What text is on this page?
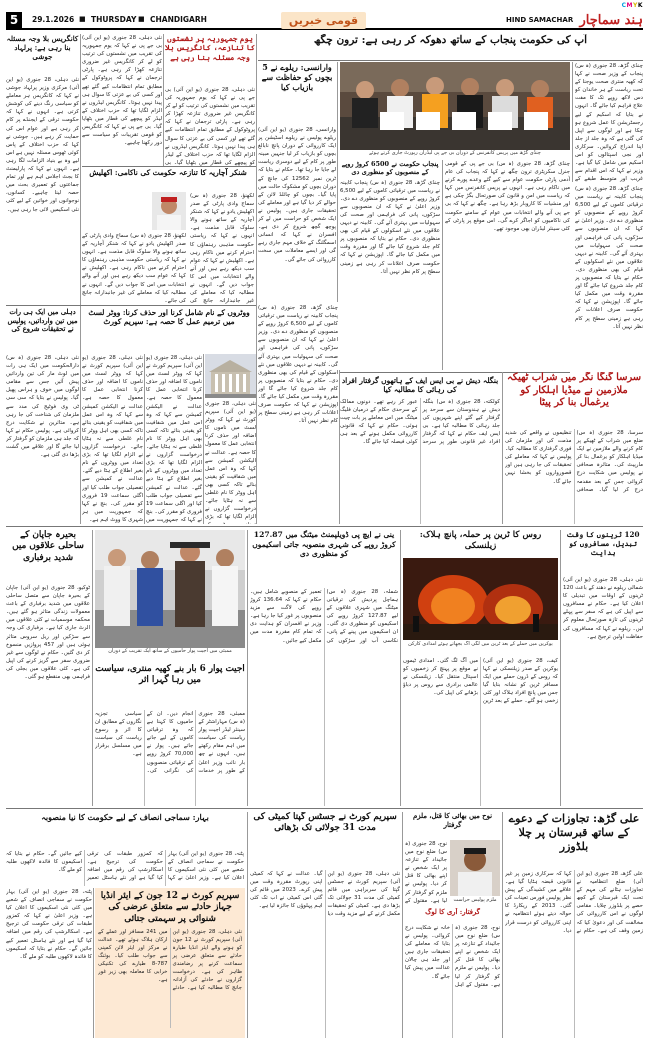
CMYK
5	29.1.2026 ■ THURSDAY ■ CHANDIGARH	قومی خبریں	HIND SAMACHAR ہند سماچار
آپ کی حکومت پنجاب کے ساتھ دھوکہ کر رہی ہے: ترون چگھ
چنڈی گڑھ، 28 جنوری (ہ س) پنجاب کے وزیر صحت نے کہا کہ کھیہ منتری صحت یوجنا کے تحت ریاست کے ہر خاندان کو دس لاکھ روپے تک کا مفت علاج فراہم کیا جائے گا۔ انہوں نے بتایا کہ اسکیم کے لیے رجسٹریشن کا عمل شروع ہو چکا ہے اور لوگوں سے اپیل کی گئی ہے کہ وہ جلد از جلد اپنا اندراج کروائیں۔ سرکاری اور نجی اسپتالوں کو اس اسکیم میں شامل کیا گیا ہے۔ وزیر نے کہا کہ اس اقدام سے غریب اور متوسط طبقے کے
چنڈی گڑھ میں پریس کانفرنس کے دوران بی جے پی لیڈران رپورٹ جاری کرتے ہوئے
چنڈی گڑھ، 28 جنوری (ہ س) بی جے پی کے قومی جنرل سکریٹری ترون چگھ نے کہا کہ پنجاب کی عام آدمی پارٹی حکومت عوام سے کیے گئے وعدے پورے کرنے میں ناکام رہی ہے۔ انہوں نے پریس کانفرنس میں کہا کہ ریاست میں امن و قانون کی صورتحال بگڑ چکی ہے اور منشیات کا کاروبار بڑھ رہا ہے۔ چگھ نے کہا کہ بی جے پی آنے والے انتخابات میں عوام کے سامنے حکومت کی ناکامیوں کو اجاگر کرے گی۔ اس موقع پر پارٹی کے کئی سینئر لیڈران بھی موجود تھے۔
چنڈی گڑھ، 28 جنوری (ہ س) پنجاب کابینہ نے ریاست میں ترقیاتی کاموں کے لیے 6,500 کروڑ روپے کے منصوبوں کو منظوری دے دی۔ وزیر اعلیٰ نے کہا کہ ان منصوبوں سے سڑکوں، پانی کی فراہمی اور صحت کی سہولیات میں بہتری آئے گی۔ کابینہ نے دیہی علاقوں میں نئے اسکولوں کے قیام کی بھی منظوری دی۔ حکام نے بتایا کہ منصوبوں پر کام جلد شروع کیا جائے گا اور مقررہ وقت میں مکمل کیا جائے گا۔ اپوزیشن نے کہا کہ حکومت صرف اعلانات کر رہی ہے زمینی سطح پر کام نظر نہیں آتا۔
پنجاب حکومت نے 6500 کروڑ روپے کے منصوبوں کو منظوری دی
چنڈی گڑھ، 28 جنوری (ہ س) پنجاب کابینہ نے ریاست میں ترقیاتی کاموں کے لیے 6,500 کروڑ روپے کے منصوبوں کو منظوری دے دی۔ وزیر اعلیٰ نے کہا کہ ان منصوبوں سے سڑکوں، پانی کی فراہمی اور صحت کی سہولیات میں بہتری آئے گی۔ کابینہ نے دیہی علاقوں میں نئے اسکولوں کے قیام کی بھی منظوری دی۔ حکام نے بتایا کہ منصوبوں پر کام جلد شروع کیا جائے گا اور مقررہ وقت میں مکمل کیا جائے گا۔ اپوزیشن نے کہا کہ حکومت صرف اعلانات کر رہی ہے زمینی سطح پر کام نظر نہیں آتا۔
وارانسی: ریلوے نے 5 بچوں کو حفاظت سے بازیاب کیا
وارانسی، 28 جنوری (یو این آئی) ریلوے پولیس نے ریلوے اسٹیشن پر ایک کارروائی کے دوران پانچ نابالغ بچوں کو بازیاب کر لیا جنہیں مبینہ طور پر کام کے لیے دوسری ریاست لے جایا جا رہا تھا۔ حکام نے بتایا کہ ٹرین نمبر 12562 کی جانچ کے دوران بچوں کو مشکوک حالت میں پایا گیا۔ بچوں کو چائلڈ لائن کے حوالے کر دیا گیا ہے اور معاملے کی تحقیقات جاری ہیں۔ پولیس نے ایک شخص کو حراست میں لے کر پوچھ گچھ شروع کر دی ہے۔ افسران نے کہا کہ انسانی اسمگلنگ کے خلاف مہم جاری رہے گی اور ایسے معاملات میں سخت کارروائی کی جائے گی۔
یوم جمہوریہ پر نشستوں کا تنازعہ، کانگریس بلا وجہ مسئلہ بنا رہی ہے
نئی دہلی، 28 جنوری (یو این آئی) بی جے پی نے کہا کہ یوم جمہوریہ کی تقریب میں نشستوں کی ترتیب کو لے کر کانگریس غیر ضروری تنازعہ کھڑا کر رہی ہے۔ پارٹی ترجمان نے کہا کہ پروٹوکول کے مطابق تمام انتظامات کیے گئے تھے اور کسی کی بے عزتی کا سوال ہی پیدا نہیں ہوتا۔ کانگریس لیڈروں نے الزام لگایا تھا کہ حزب اختلاف کے لیڈر کو پیچھے کی قطار میں بٹھایا گیا۔ بی
شنکر آچاریہ کا تنازعہ حکومت کی ناکامی: اکھلیش
لکھنؤ، 28 جنوری (ہ س) سماج وادی پارٹی کے صدر اکھلیش یادو نے کہا کہ شنکر آچاریہ کے ساتھ ہونے والا سلوک قابل مذمت ہے۔ انہوں نے کہا کہ ریاستی حکومت مذہبی رہنماؤں کا احترام کرنے میں ناکام رہی ہے۔ اکھلیش نے کہا کہ عوام سب دیکھ رہے ہیں اور آنے والے انتخابات میں اس کا جواب دیں گے۔ انہوں نے مطالبہ کیا کہ معاملے کی غیر جانبدارانہ جانچ کی
لکھنؤ، 28 جنوری (ہ س) سماج وادی پارٹی کے صدر اکھلیش یادو نے کہا کہ شنکر آچاریہ کے ساتھ ہونے والا سلوک قابل مذمت ہے۔ انہوں نے کہا کہ ریاستی حکومت مذہبی رہنماؤں کا احترام کرنے میں ناکام رہی ہے۔ اکھلیش نے کہا کہ عوام سب دیکھ رہے ہیں اور آنے والے انتخابات میں اس کا جواب دیں گے۔ انہوں نے مطالبہ کیا کہ معاملے کی غیر جانبدارانہ جانچ کی جائے۔
نئی دہلی، 28 جنوری (یو این آئی) بی جے پی نے کہا کہ یوم جمہوریہ کی تقریب میں نشستوں کی ترتیب کو لے کر کانگریس غیر ضروری تنازعہ کھڑا کر رہی ہے۔ پارٹی ترجمان نے کہا کہ پروٹوکول کے مطابق تمام انتظامات کیے گئے تھے اور کسی کی بے عزتی کا سوال ہی پیدا نہیں ہوتا۔ کانگریس لیڈروں نے الزام لگایا تھا کہ حزب اختلاف کے لیڈر کو پیچھے کی قطار میں بٹھایا گیا۔ بی جے پی نے کہا کہ کانگریس کو قومی تقریبات کو سیاست سے دور رکھنا چاہیے۔
کانگریس بلا وجہ مسئلہ بنا رہی ہے: پرلہاد جوشی
نئی دہلی، 28 جنوری (یو این آئی) مرکزی وزیر پرلہاد جوشی نے کہا کہ کانگریس ہر معاملے کو سیاسی رنگ دینے کی کوشش کرتی ہے۔ انہوں نے کہا کہ حکومت ترقی کے ایجنڈے پر کام کر رہی ہے اور عوام اس کی حمایت کر رہے ہیں۔ جوشی نے کہا کہ حزب اختلاف کے پاس کوئی ٹھوس مسئلہ نہیں ہے اس لیے وہ بے بنیاد الزامات لگا رہی ہے۔ انہوں نے کہا کہ پارلیمنٹ کا بجٹ اجلاس اہم ہے اور تمام جماعتوں کو تعمیری بحث میں حصہ لینا چاہیے۔ کسانوں، نوجوانوں اور خواتین کے لیے کئی نئی اسکیمیں لائی جا رہی ہیں۔
دہلی میں ایک ہی رات میں تین وارداتیں، پولیس نے تحقیقات شروع کی
نئی دہلی، 28 جنوری (ہ س) دارالحکومت میں ایک ہی رات میں لوٹ مار کی تین وارداتیں پیش آئیں جس سے مقامی لوگوں میں خوف و ہراس پھیل گیا۔ پولیس نے بتایا کہ سی سی ٹی وی فوٹیج کی مدد سے ملزمان کی شناخت کی جا رہی ہے۔ متاثرین نے شکایت درج کروائی ہے۔ پولیس حکام نے کہا کہ جلد ہی ملزمان کو گرفتار کر لیا جائے گا اور علاقے میں گشت بڑھا دی گئی ہے۔
ووٹروں کے نام شامل کرنا اور حذف کرنا: ووٹر لسٹ میں ترمیم عمل کا حصہ ہے: سپریم کورٹ
نئی دہلی، 28 جنوری (یو این آئی) سپریم کورٹ نے کہا کہ ووٹر لسٹ میں ناموں کا اضافہ اور حذف کرنا انتخابی عمل کا معمول کا حصہ ہے۔ عدالت نے الیکشن کمیشن سے کہا کہ وہ اس عمل میں شفافیت کو یقینی بنائے تاکہ کسی بھی اہل ووٹر کا نام غلطی سے نہ ہٹایا جائے۔ درخواست گزاروں نے الزام لگایا تھا کہ بڑی تعداد میں ووٹروں کے نام بغیر اطلاع کے ہٹا دیے گئے۔ عدالت نے کمیشن سے تفصیلی جواب طلب کیا اور اگلی سماعت 19 فروری کو مقرر کی۔ بنچ نے کہا کہ جمہوریت میں
نئی دہلی، 28 جنوری (یو این آئی) سپریم کورٹ نے کہا کہ ووٹر لسٹ میں ناموں کا اضافہ اور حذف کرنا انتخابی عمل کا معمول کا حصہ ہے۔ عدالت نے الیکشن کمیشن سے کہا کہ وہ اس عمل میں شفافیت کو یقینی بنائے تاکہ کسی بھی اہل ووٹر کا نام غلطی سے نہ ہٹایا جائے۔ درخواست گزاروں نے الزام لگایا تھا کہ بڑی
نئی دہلی، 28 جنوری (یو این آئی) سپریم کورٹ نے کہا کہ ووٹر لسٹ میں ناموں کا اضافہ اور حذف کرنا انتخابی عمل کا معمول کا حصہ ہے۔ عدالت نے الیکشن کمیشن سے کہا کہ وہ اس عمل میں شفافیت کو یقینی بنائے تاکہ کسی بھی اہل ووٹر کا نام غلطی سے نہ ہٹایا جائے۔ درخواست گزاروں نے الزام لگایا تھا کہ بڑی تعداد میں ووٹروں کے نام بغیر اطلاع کے ہٹا دیے گئے۔ عدالت نے کمیشن سے تفصیلی جواب طلب کیا اور اگلی سماعت 19 فروری کو مقرر کی۔ بنچ نے کہا کہ جمہوریت میں ہر شہری کا ووٹ اہم ہے۔
چنڈی گڑھ، 28 جنوری (ہ س) پنجاب کابینہ نے ریاست میں ترقیاتی کاموں کے لیے 6,500 کروڑ روپے کے منصوبوں کو منظوری دے دی۔ وزیر اعلیٰ نے کہا کہ ان منصوبوں سے سڑکوں، پانی کی فراہمی اور صحت کی سہولیات میں بہتری آئے گی۔ کابینہ نے دیہی علاقوں میں نئے اسکولوں کے قیام کی بھی منظوری دی۔ حکام نے بتایا کہ منصوبوں پر کام جلد شروع کیا جائے گا اور مقررہ وقت میں مکمل کیا جائے گا۔ اپوزیشن نے کہا کہ حکومت صرف اعلانات کر رہی ہے زمینی سطح پر کام نظر نہیں آتا۔
بنگلہ دیش نے بی ایس ایف کے ہاتھوں گرفتار افراد کی رہائی کا مطالبہ کیا
کولکتہ، 28 جنوری (ہ س) بنگلہ دیش نے ہندوستان سے سرحد پر گرفتار کیے گئے اپنے شہریوں کی جلد رہائی کا مطالبہ کیا ہے۔ بی ایس ایف حکام نے کہا کہ گرفتار افراد غیر قانونی طور پر سرحد عبور کر رہے تھے۔ دونوں ممالک کے سرحدی حکام کے درمیان فلیگ میٹنگ میں اس معاملے پر بات چیت ہوئی۔ حکام نے کہا کہ قانونی کارروائی مکمل ہونے کے بعد ہی کوئی فیصلہ کیا جائے گا۔
سرسا گنگا نگر میں شراب ٹھیکہ ملازمین نے میڈیا اہلکار کو یرغمال بنا کر پیٹا
سرسا، 28 جنوری (ہ س) ضلع میں شراب کے ٹھیکے پر کام کرنے والے ملازمین نے ایک میڈیا اہلکار کو یرغمال بنا کر مارپیٹ کی۔ متاثرہ صحافی نے پولیس میں شکایت درج کروائی جس کے بعد مقدمہ درج کر لیا گیا۔ صحافی تنظیموں نے واقعے کی شدید مذمت کی اور ملزمان کی فوری گرفتاری کا مطالبہ کیا۔ پولیس نے کہا کہ معاملے کی تحقیقات کی جا رہی ہیں اور قصورواروں کو بخشا نہیں جائے گا۔
بحیرہ جاپان کے ساحلی علاقوں میں شدید برفباری
ٹوکیو، 28 جنوری (یو این آئی) جاپان کے بحیرہ جاپان سے متصل ساحلی علاقوں میں شدید برفباری کے باعث معمولات زندگی متاثر ہو گئے ہیں۔ محکمہ موسمیات نے کئی علاقوں میں الرٹ جاری کیا ہے۔ برفباری کی وجہ سے سڑکیں اور ریل سروس متاثر ہوئی ہیں اور 457 پروازیں منسوخ کر دی گئیں۔ حکام نے لوگوں سے غیر ضروری سفر سے گریز کرنے کی اپیل کی ہے۔ کئی علاقوں میں بجلی کی فراہمی بھی منقطع ہو گئی۔
ممبئی میں اجیت پوار حامیوں کے ساتھ ایک تقریب کے دوران
اجیت پوار 6 بار بنے کھیہ منتری، سیاست میں رہا گہرا اثر
ممبئی، 28 جنوری (ہ س) مہاراشٹر کے سینئر لیڈر اجیت پوار ریاست کی سیاست میں اہم مقام رکھتے ہیں۔ انہوں نے چھ بار نائب وزیر اعلیٰ کے طور پر خدمات انجام دیں۔ ان کے حامیوں کا کہنا ہے کہ وہ ترقیاتی کاموں کے لیے جانے جاتے ہیں۔ پوار نے 70,000 کروڑ روپے کے ترقیاتی منصوبوں کی نگرانی کی۔ سیاسی تجزیہ نگاروں کے مطابق ان کا اثر و رسوخ ریاست کی سیاست میں مسلسل برقرار ہے۔
ینی نے ایچ پی ڈویلپمنٹ میٹنگ میں 127.87 کروڑ روپے کی شہری منصوبہ جاتی اسکیموں کو منظوری دی
شملہ، 28 جنوری (ہ س) ہماچل پردیش کی ترقیاتی میٹنگ میں شہری علاقوں کے لیے 127.87 کروڑ روپے کی اسکیموں کو منظوری دی گئی۔ ان اسکیموں میں پینے کے پانی، نکاسی آب اور سڑکوں کی تعمیر کے منصوبے شامل ہیں۔ حکام نے کہا کہ 136.64 کروڑ روپے کی لاگت سے مزید منصوبوں پر غور کیا جا رہا ہے۔ وزیر نے افسران کو ہدایت دی کہ تمام کام مقررہ مدت میں مکمل کیے جائیں۔
روس کا ٹرین پر حملہ، پانچ ہلاک: زیلنسکی
یوکرین میں حملے کے بعد ٹرین میں لگی آگ بجھاتے ہوئے امدادی کارکن
کیف، 28 جنوری (یو این آئی) یوکرین کے صدر زیلنسکی نے کہا کہ روس کے ڈرون حملے میں ایک مسافر ٹرین کو نشانہ بنایا گیا جس میں پانچ افراد ہلاک اور کئی زخمی ہو گئے۔ حملے کے بعد ٹرین میں آگ لگ گئی۔ امدادی ٹیموں نے موقع پر پہنچ کر زخمیوں کو اسپتال منتقل کیا۔ زیلنسکی نے عالمی برادری سے روس پر دباؤ بڑھانے کی اپیل کی۔
120 ٹرینوں کا وقت تبدیل، مسافروں کو ہدایت
نئی دہلی، 28 جنوری (یو این آئی) شمالی ریلوے نے دھند کے باعث 120 ٹرینوں کے اوقات میں تبدیلی کا اعلان کیا ہے۔ حکام نے مسافروں سے اپیل کی ہے کہ سفر سے پہلے ٹرینوں کی تازہ صورتحال معلوم کر لیں۔ ریلوے نے کہا کہ مسافروں کی حفاظت اولین ترجیح ہے۔
علی گڑھ: تجاوزات کے دعوے کے ساتھ قبرستان پر چلا بلڈوزر
علی گڑھ، 28 جنوری (یو این آئی) ضلع انتظامیہ نے تجاوزات ہٹانے کی مہم کے تحت ایک قبرستان کے کچھ حصے پر بلڈوزر چلایا۔ مقامی لوگوں نے اس کارروائی کی مخالفت کی اور دعویٰ کیا کہ زمین وقف کی ہے۔ حکام نے کہا کہ سرکاری زمین پر غیر قانونی قبضہ ہٹایا گیا ہے۔ علاقے میں کشیدگی کے پیش نظر پولیس فورس تعینات کی گئی۔ 2013 کے ریکارڈ کا حوالہ دیتے ہوئے انتظامیہ نے اپنی کارروائی کو درست قرار دیا۔
نوح میں بھائی کا قتل، ملزم گرفتار
ملزم پولیس حراست
نوح، 28 جنوری (ہ س) ضلع نوح میں جائیداد کے تنازعہ پر ایک شخص نے اپنے بھائی کا قتل کر دیا۔ پولیس نے ملزم کو گرفتار کر لیا ہے۔ مقتول کے
گرفتار: آری کا لوگ
نوح، 28 جنوری (ہ س) ضلع نوح میں جائیداد کے تنازعہ پر ایک شخص نے اپنے بھائی کا قتل کر دیا۔ پولیس نے ملزم کو گرفتار کر لیا ہے۔ مقتول کے اہل خانہ نے شکایت درج کروائی۔ پولیس نے بتایا کہ معاملے کی تحقیقات جاری ہیں اور جلد ہی چالان عدالت میں پیش کیا جائے گا۔
سپریم کورٹ نے جسٹس گپتا کمیٹی کی مدت 31 جولائی تک بڑھائی
نئی دہلی، 28 جنوری (یو این آئی) سپریم کورٹ نے جسٹس گپتا کی سربراہی میں قائم کمیٹی کی مدت 31 جولائی تک بڑھا دی ہے۔ کمیٹی کو تحقیقات مکمل کرنے کے لیے مزید وقت دیا گیا۔ عدالت نے کہا کہ کمیٹی اپنی رپورٹ مقررہ وقت میں پیش کرے۔ 2023 میں قائم کی گئی اس کمیٹی نے اب تک کئی اہم پہلوؤں کا جائزہ لیا ہے۔
بہار: سماجی انصاف کے لیے حکومت کا نیا منصوبہ
پٹنہ، 28 جنوری (یو این آئی) بہار حکومت نے سماجی انصاف کے شعبے میں کئی نئی اسکیموں کا اعلان کیا ہے۔ وزیر اعلیٰ نے کہا کہ کمزور طبقات کی ترقی حکومت کی ترجیح ہے۔ اسکالرشپ کی رقم میں اضافہ کیا گیا ہے اور نئے ہاسٹل تعمیر کیے جائیں گے۔ حکام نے بتایا کہ اسکیموں کا فائدہ لاکھوں طلبہ کو ملے گا۔
سپریم کورٹ نے 12 جون کے ایئر انڈیا جہاز حادثے سے متعلق عرضی کی شنوائی پر سہمتی جتائی
نئی دہلی، 28 جنوری (یو این آئی) سپریم کورٹ نے 12 جون کو ہونے والے ایئر انڈیا طیارہ حادثے سے متعلق عرضی پر سماعت کرنے پر رضامندی ظاہر کی ہے۔ درخواست گزاروں نے حادثے کی آزادانہ جانچ کا مطالبہ کیا ہے۔ حادثے میں 241 مسافر اور عملے کے ارکان ہلاک ہوئے تھے۔ عدالت نے مرکز اور ایئر لائن کمپنی سے جواب طلب کیا۔ بوئنگ 787-8 طیارے کی تکنیکی خرابی کا معاملہ بھی زیر غور ہے۔
پٹنہ، 28 جنوری (یو این آئی) بہار حکومت نے سماجی انصاف کے شعبے میں کئی نئی اسکیموں کا اعلان کیا ہے۔ وزیر اعلیٰ نے کہا کہ کمزور طبقات کی ترقی حکومت کی ترجیح ہے۔ اسکالرشپ کی رقم میں اضافہ کیا گیا ہے اور نئے ہاسٹل تعمیر کیے جائیں گے۔ حکام نے بتایا کہ اسکیموں کا فائدہ لاکھوں طلبہ کو ملے گا۔
